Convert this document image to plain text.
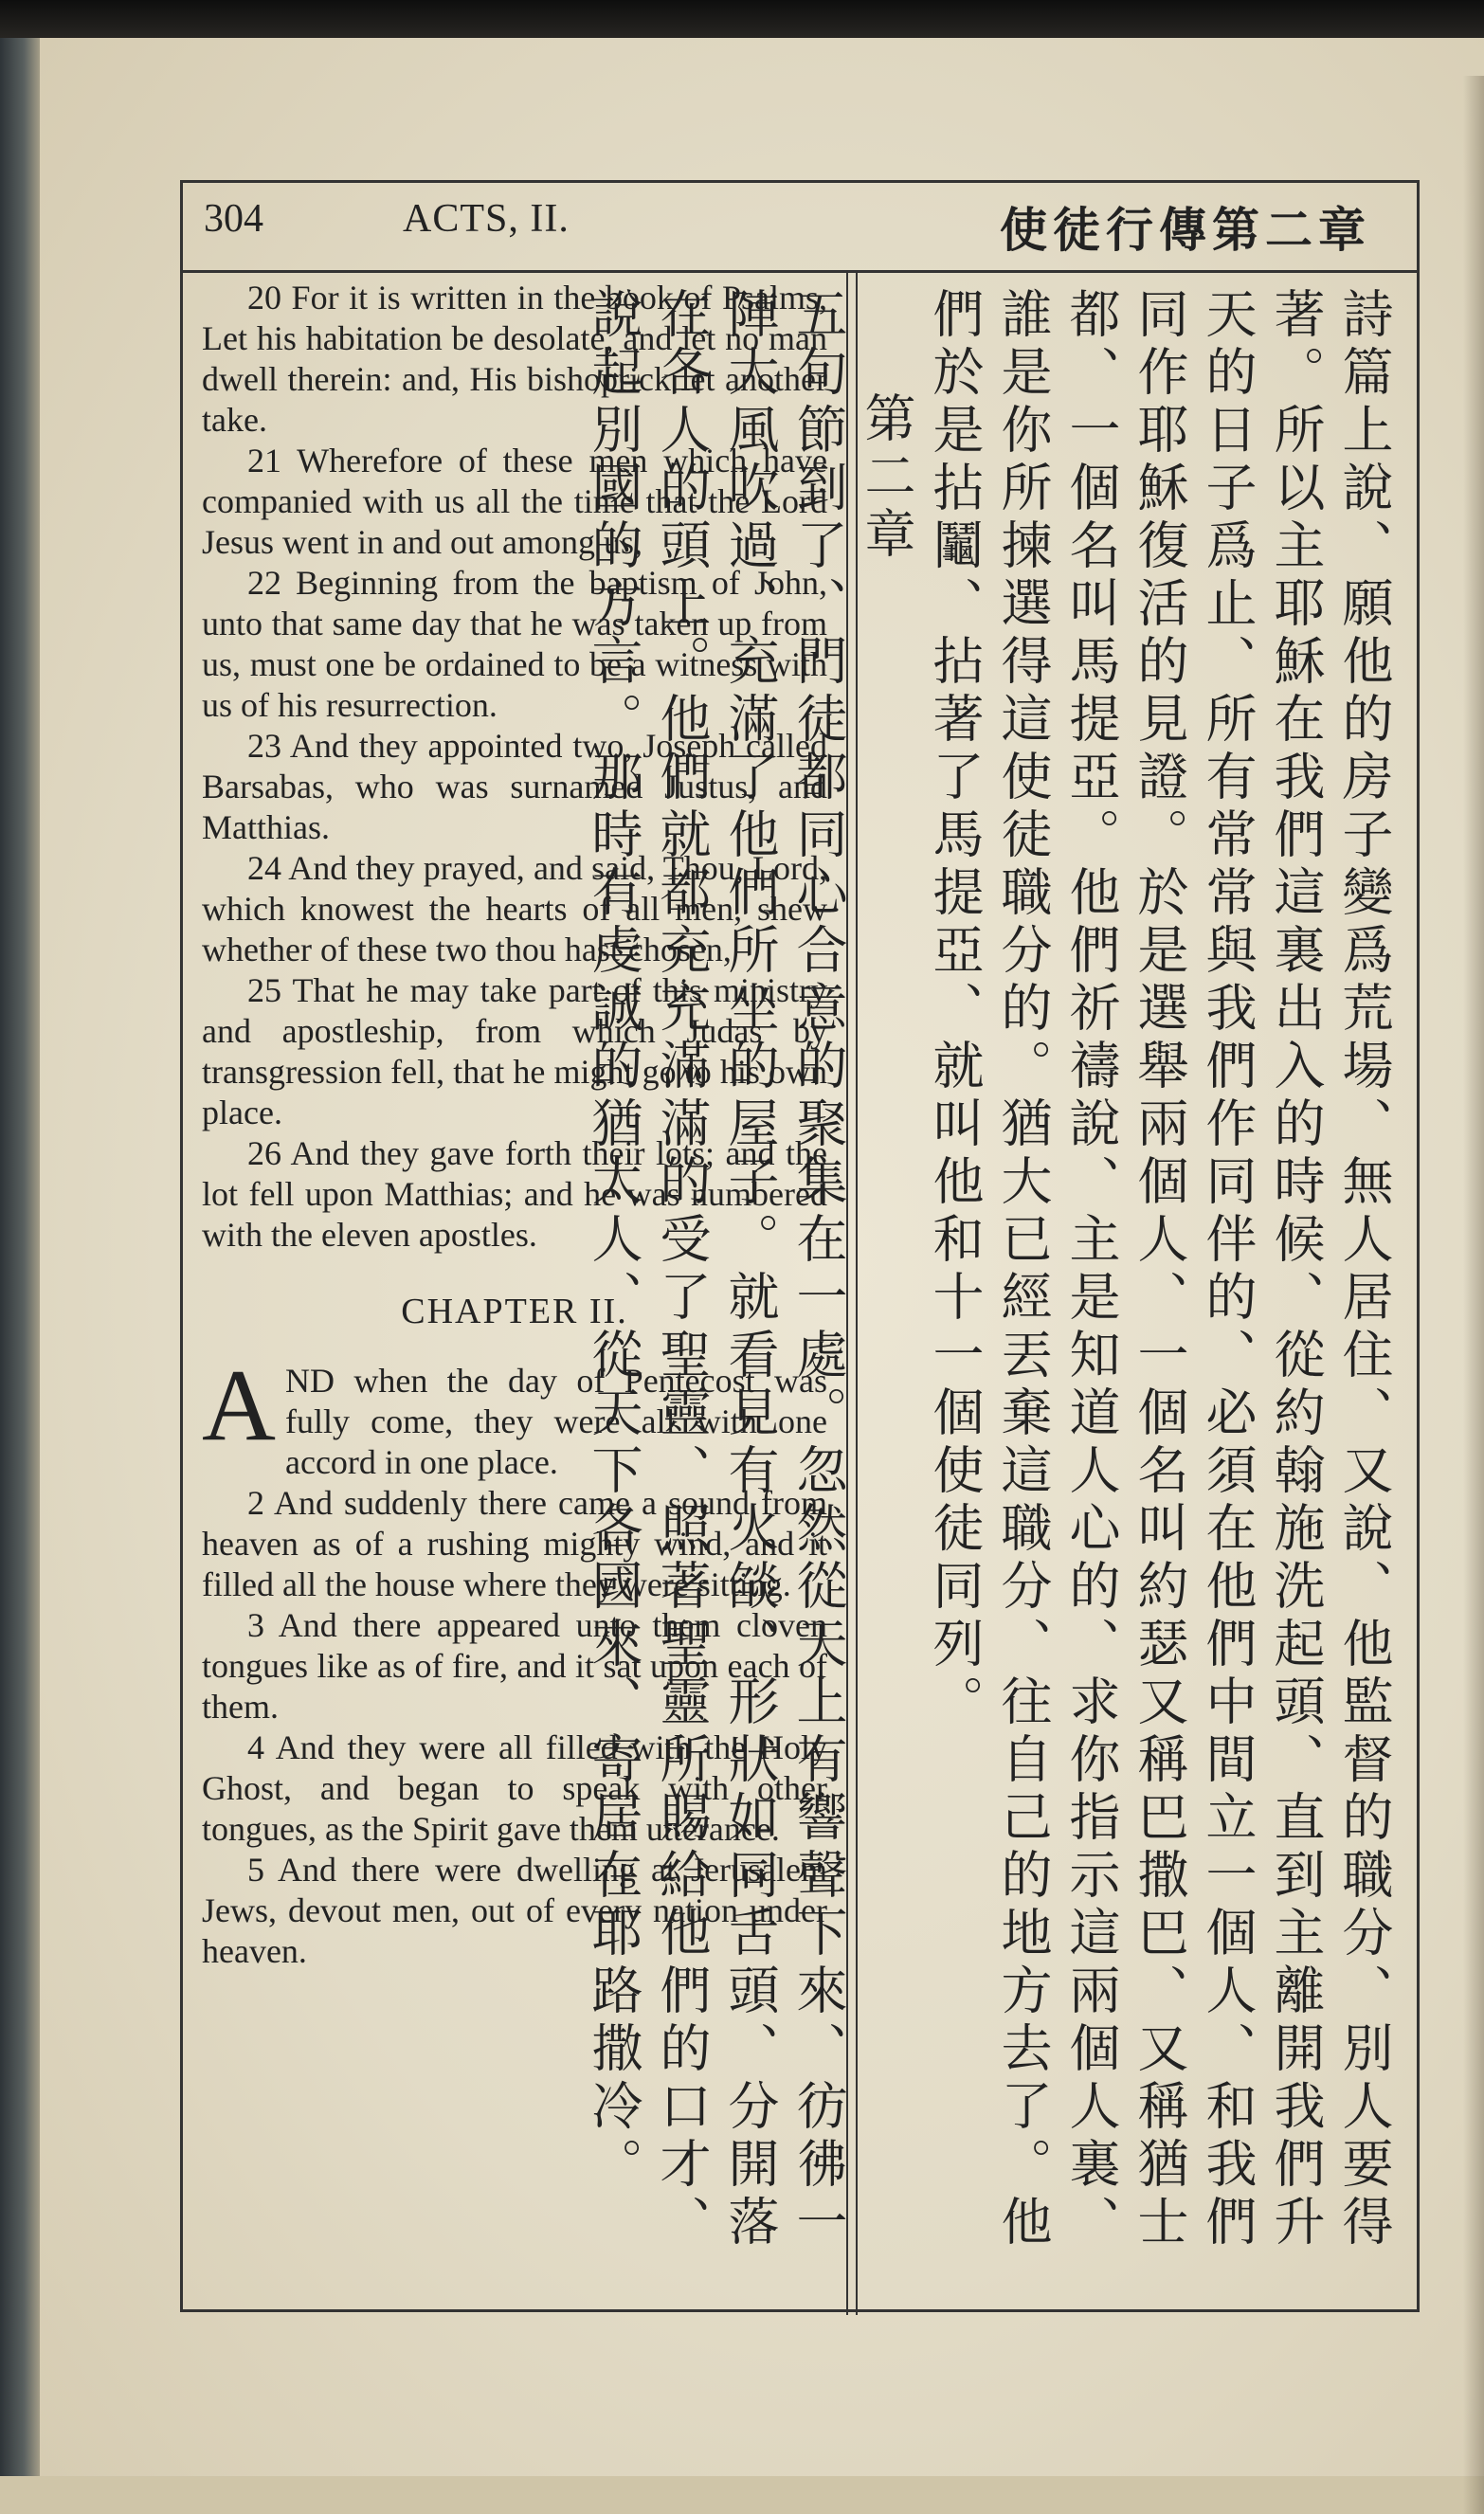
304	ACTS, II.	使徒行傳第二章

20 For it is written in the book of Psalms, Let his habitation be desolate, and let no man dwell therein: and, His bishoprick let another take.

21 Wherefore of these men which have companied with us all the time that the Lord Jesus went in and out among us,

22 Beginning from the baptism of John, unto that same day that he was taken up from us, must one be ordained to be a witness with us of his resurrection.

23 And they appointed two, Joseph called Barsabas, who was surnamed Justus, and Matthias.

24 And they prayed, and said, Thou, Lord, which knowest the hearts of all men, shew whether of these two thou hast chosen,

25 That he may take part of this ministry and apostleship, from which Judas by transgression fell, that he might go to his own place.

26 And they gave forth their lots; and the lot fell upon Matthias; and he was numbered with the eleven apostles.

CHAPTER II.

AND when the day of Pentecost was fully come, they were all with one accord in one place.

2 And suddenly there came a sound from heaven as of a rushing mighty wind, and it filled all the house where they were sitting.

3 And there appeared unto them cloven tongues like as of fire, and it sat upon each of them.

4 And they were all filled with the Holy Ghost, and began to speak with other tongues, as the Spirit gave them utterance.

5 And there were dwelling at Jerusalem Jews, devout men, out of every nation under heaven.	詩篇上說、願他的房子變爲荒場、無人居住、又說、他監督的職分、別人要得著。所以主耶穌在我們這裏出入的時候、從約翰施洗起頭、直到主離開我們升天的日子爲止、所有常常與我們作同伴的、必須在他們中間立一個人、和我們同作耶穌復活的見證。於是選舉兩個人、一個名叫約瑟又稱巴撒巴、又稱猶士都、一個名叫馬提亞。他們祈禱說、主是知道人心的、求你指示這兩個人裏、誰是你所揀選得這使徒職分的。猶大已經丟棄這職分、往自己的地方去了。他們於是拈鬮、拈著了馬提亞、就叫他和十一個使徒同列。

第二章

五旬節到了、門徒都同心合意的聚集在一處。忽然從天上有響聲下來、彷彿一陣大風吹過、充滿了他們所坐的屋子。就看見有火燄、形狀如同舌頭、分開落在各人的頭上。他們就都充充滿滿的受了聖靈、照著聖靈所賜給他們的口才、說起別國的方言。那時有虔誠的猶太人、從天下各國來、寄居在耶路撒冷。
